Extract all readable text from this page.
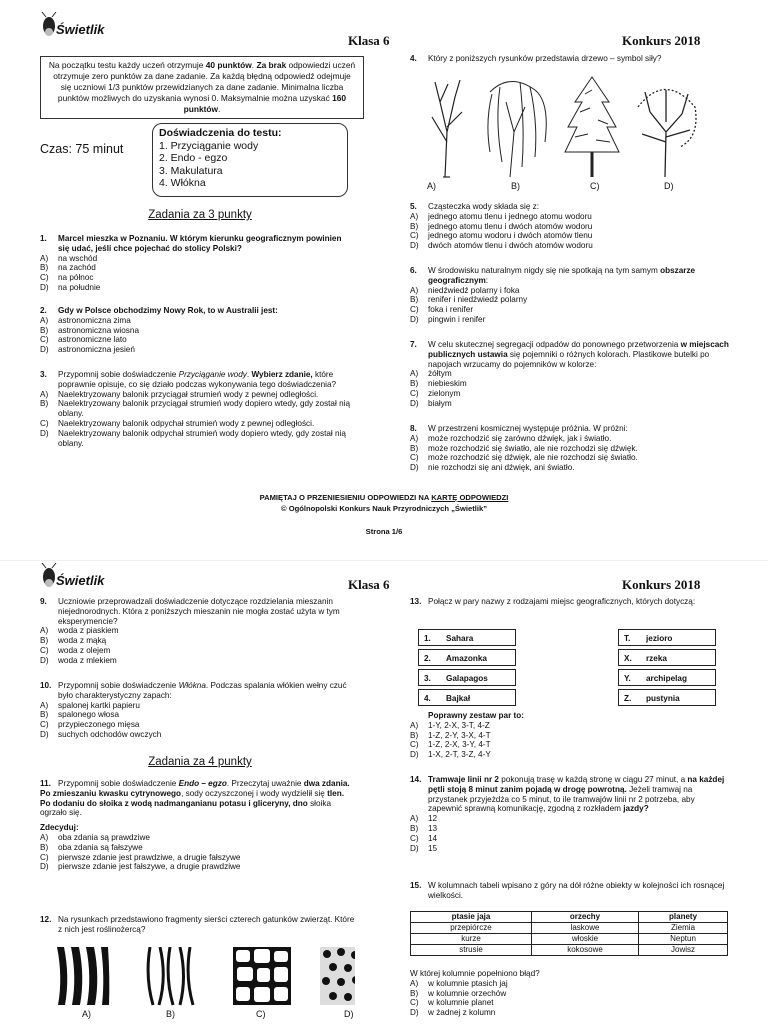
Świetlik
Klasa 6	Konkurs 2018
Na początku testu każdy uczeń otrzymuje 40 punktów. Za brak odpowiedzi uczeń otrzymuje zero punktów za dane zadanie. Za każdą błędną odpowiedź odejmuje się uczniowi 1/3 punktów przewidzianych za dane zadanie. Minimalna liczba punktów możliwych do uzyskania wynosi 0. Maksymalnie można uzyskać 160 punktów.
Czas: 75 minut
Doświadczenia do testu:
1. Przyciąganie wody
2. Endo - egzo
3. Makulatura
4. Włókna
Zadania za 3 punkty
1. Marcel mieszka w Poznaniu. W którym kierunku geograficznym powinien się udać, jeśli chce pojechać do stolicy Polski?
A)	na wschód
B)	na zachód
C)	na północ
D)	na południe
2. Gdy w Polsce obchodzimy Nowy Rok, to w Australii jest:
A)	astronomiczna zima
B)	astronomiczna wiosna
C)	astronomiczne lato
D)	astronomiczna jesień
3. Przypomnij sobie doświadczenie Przyciąganie wody. Wybierz zdanie, które poprawnie opisuje, co się działo podczas wykonywania tego doświadczenia?
A)	Naelektryzowany balonik przyciągał strumień wody z pewnej odległości.
B)	Naelektryzowany balonik przyciągał strumień wody dopiero wtedy, gdy został nią oblany.
C)	Naelektryzowany balonik odpychał strumień wody z pewnej odległości.
D)	Naelektryzowany balonik odpychał strumień wody dopiero wtedy, gdy został nią oblany.
4. Który z poniższych rysunków przedstawia drzewo – symbol siły?
A)	B)	C)	D)
5. Cząsteczka wody składa się z:
A)	jednego atomu tlenu i jednego atomu wodoru
B)	jednego atomu tlenu i dwóch atomów wodoru
C)	jednego atomu wodoru i dwóch atomów tlenu
D)	dwóch atomów tlenu i dwóch atomów wodoru
6. W środowisku naturalnym nigdy się nie spotkają na tym samym obszarze geograficznym:
A)	niedźwiedź polarny i foka
B)	renifer i niedźwiedź polarny
C)	foka i renifer
D)	pingwin i renifer
7. W celu skutecznej segregacji odpadów do ponownego przetworzenia w miejscach publicznych ustawia się pojemniki o różnych kolorach. Plastikowe butelki po napojach wrzucamy do pojemników w kolorze:
A)	żółtym
B)	niebieskim
C)	zielonym
D)	białym
8. W przestrzeni kosmicznej występuje próżnia. W próżni:
A)	może rozchodzić się zarówno dźwięk, jak i światło.
B)	może rozchodzić się światło, ale nie rozchodzi się dźwięk.
C)	może rozchodzić się dźwięk, ale nie rozchodzi się światło.
D)	nie rozchodzi się ani dźwięk, ani światło.
PAMIĘTAJ O PRZENIESIENIU ODPOWIEDZI NA KARTĘ ODPOWIEDZI
© Ogólnopolski Konkurs Nauk Przyrodniczych „Świetlik”
Strona 1/6
Świetlik	Klasa 6	Konkurs 2018
9. Uczniowie przeprowadzali doświadczenie dotyczące rozdzielania mieszanin niejednorodnych. Która z poniższych mieszanin nie mogła zostać użyta w tym eksperymencie?
A)	woda z piaskiem
B)	woda z mąką
C)	woda z olejem
D)	woda z mlekiem
10. Przypomnij sobie doświadczenie Włókna. Podczas spalania włókien wełny czuć było charakterystyczny zapach:
A)	spalonej kartki papieru
B)	spalonego włosa
C)	przypieczonego mięsa
D)	suchych odchodów owczych
Zadania za 4 punkty
11. Przypomnij sobie doświadczenie Endo – egzo. Przeczytaj uważnie dwa zdania.
Po zmieszaniu kwasku cytrynowego, sody oczyszczonej i wody wydzielił się tlen.
Po dodaniu do słoika z wodą nadmanganianu potasu i gliceryny, dno słoika ogrzało się.
Zdecyduj:
A)	oba zdania są prawdziwe
B)	oba zdania są fałszywe
C)	pierwsze zdanie jest prawdziwe, a drugie fałszywe
D)	pierwsze zdanie jest fałszywe, a drugie prawdziwe
12. Na rysunkach przedstawiono fragmenty sierści czterech gatunków zwierząt. Które z nich jest roślinożercą?
A)	B)	C)	D)
13. Połącz w pary nazwy z rodzajami miejsc geograficznych, których dotyczą:
1. Sahara
2. Amazonka
3. Galapagos
4. Bajkał
T. jezioro
X. rzeka
Y. archipelag
Z. pustynia
Poprawny zestaw par to:
A)	1-Y, 2-X, 3-T, 4-Z
B)	1-Z, 2-Y, 3-X, 4-T
C)	1-Z, 2-X, 3-Y, 4-T
D)	1-X, 2-T, 3-Z, 4-Y
14. Tramwaje linii nr 2 pokonują trasę w każdą stronę w ciągu 27 minut, a na każdej pętli stoją 8 minut zanim pojadą w drogę powrotną. Jeżeli tramwaj na przystanek przyjeżdża co 5 minut, to ile tramwajów linii nr 2 potrzeba, aby zapewnić sprawną komunikację, zgodną z rozkładem jazdy?
A)	12
B)	13
C)	14
D)	15
15. W kolumnach tabeli wpisano z góry na dół różne obiekty w kolejności ich rosnącej wielkości.
ptasie jaja	orzechy	planety
przepiórcze	laskowe	Ziemia
kurze	włoskie	Neptun
strusie	kokosowe	Jowisz
W której kolumnie popełniono błąd?
A)	w kolumnie ptasich jaj
B)	w kolumnie orzechów
C)	w kolumnie planet
D)	w żadnej z kolumn
